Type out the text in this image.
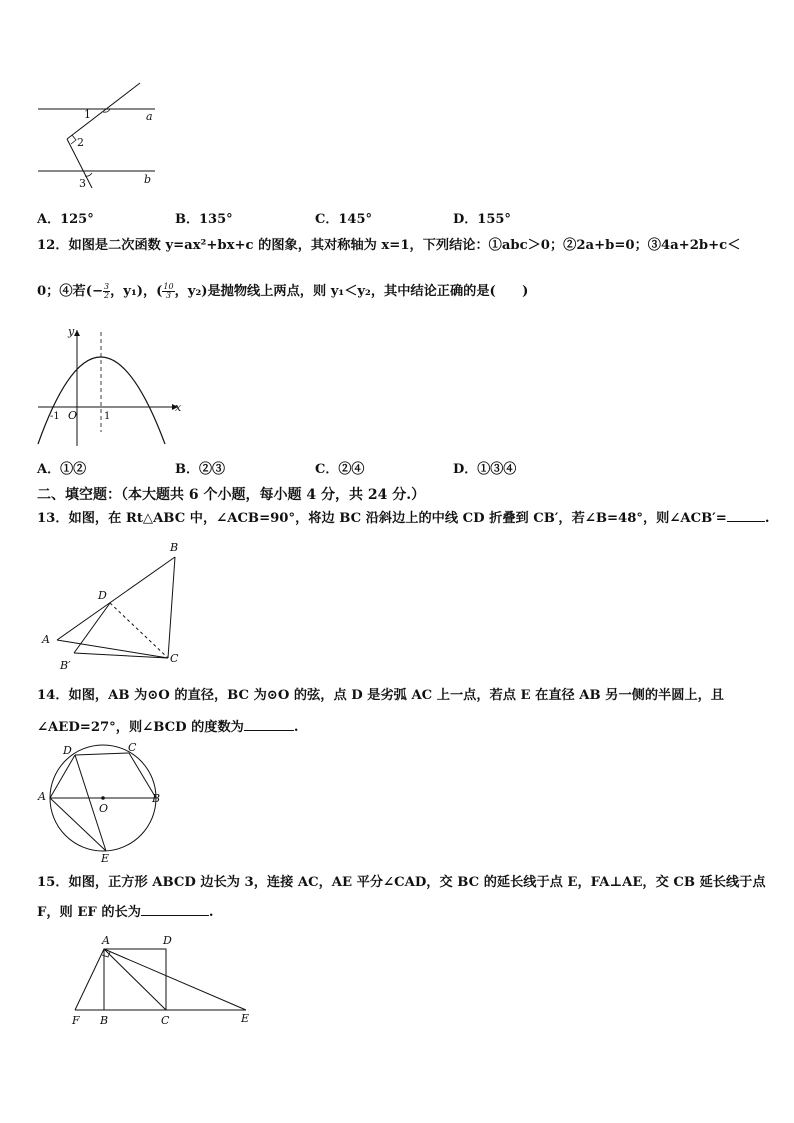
1
2
3
a
b
A．125°	B．135°	C．145°	D．155°
12．如图是二次函数 y=ax²+bx+c 的图象，其对称轴为 x=1，下列结论：①abc＞0；②2a+b=0；③4a+2b+c＜
0；④若(− $\frac{3}{2}$ ，y₁)，( $\frac{10}{3}$ ，y₂)是抛物线上两点，则 y₁＜y₂，其中结论正确的是(　　)
y
x
O
-1	1
A．①②	B．②③	C．②④	D．①③④
二、填空题：（本大题共 6 个小题，每小题 4 分，共 24 分.）
13．如图，在 Rt△ABC 中，∠ACB=90°，将边 BC 沿斜边上的中线 CD 折叠到 CB′，若∠B=48°，则∠ACB′=	.
A
B
C
D
B′
14．如图，AB 为⊙O 的直径，BC 为⊙O 的弦，点 D 是劣弧 AC 上一点，若点 E 在直径 AB 另一侧的半圆上，且
∠AED=27°，则∠BCD 的度数为	.
A	B
C
D
E
O
15．如图，正方形 ABCD 边长为 3，连接 AC，AE 平分∠CAD，交 BC 的延长线于点 E，FA⊥AE，交 CB 延长线于点
F，则 EF 的长为	.
A	D
F B	C	E
